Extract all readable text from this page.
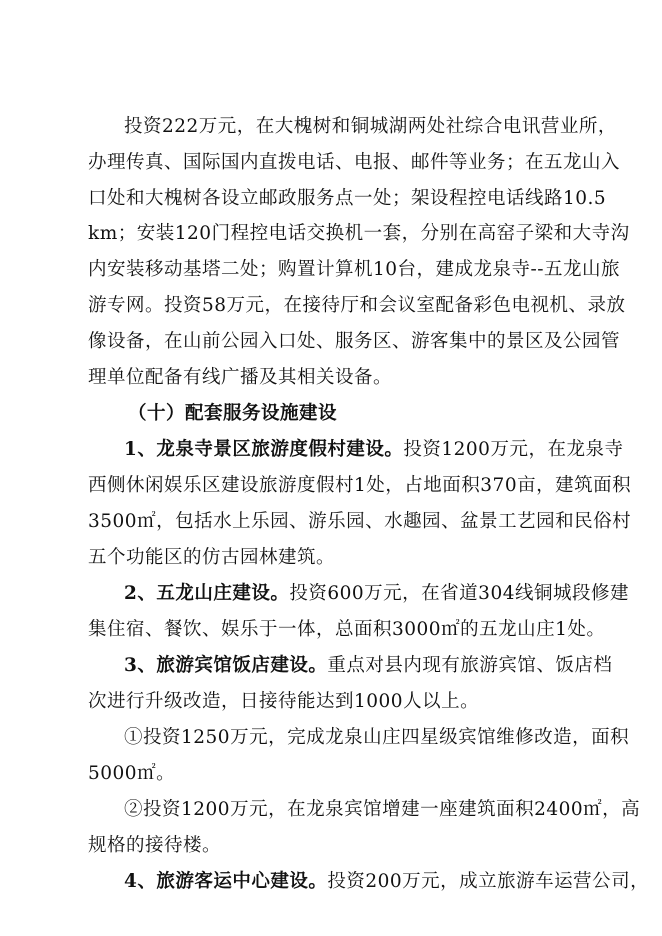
投资222万元，在大槐树和铜城湖两处社综合电讯营业所，
办理传真、国际国内直拨电话、电报、邮件等业务；在五龙山入
口处和大槐树各设立邮政服务点一处；架设程控电话线路10.5
km；安装120门程控电话交换机一套，分别在高窑子梁和大寺沟
内安装移动基塔二处；购置计算机10台，建成龙泉寺--五龙山旅
游专网。投资58万元，在接待厅和会议室配备彩色电视机、录放
像设备，在山前公园入口处、服务区、游客集中的景区及公园管
理单位配备有线广播及其相关设备。
（十）配套服务设施建设
1、龙泉寺景区旅游度假村建设。投资1200万元，在龙泉寺
西侧休闲娱乐区建设旅游度假村1处，占地面积370亩，建筑面积
3500㎡，包括水上乐园、游乐园、水趣园、盆景工艺园和民俗村
五个功能区的仿古园林建筑。
2、五龙山庄建设。投资600万元，在省道304线铜城段修建
集住宿、餐饮、娱乐于一体，总面积3000㎡的五龙山庄1处。
3、旅游宾馆饭店建设。重点对县内现有旅游宾馆、饭店档
次进行升级改造，日接待能达到1000人以上。
①投资1250万元，完成龙泉山庄四星级宾馆维修改造，面积
5000㎡。
②投资1200万元，在龙泉宾馆增建一座建筑面积2400㎡，高
规格的接待楼。
4、旅游客运中心建设。投资200万元，成立旅游车运营公司，
